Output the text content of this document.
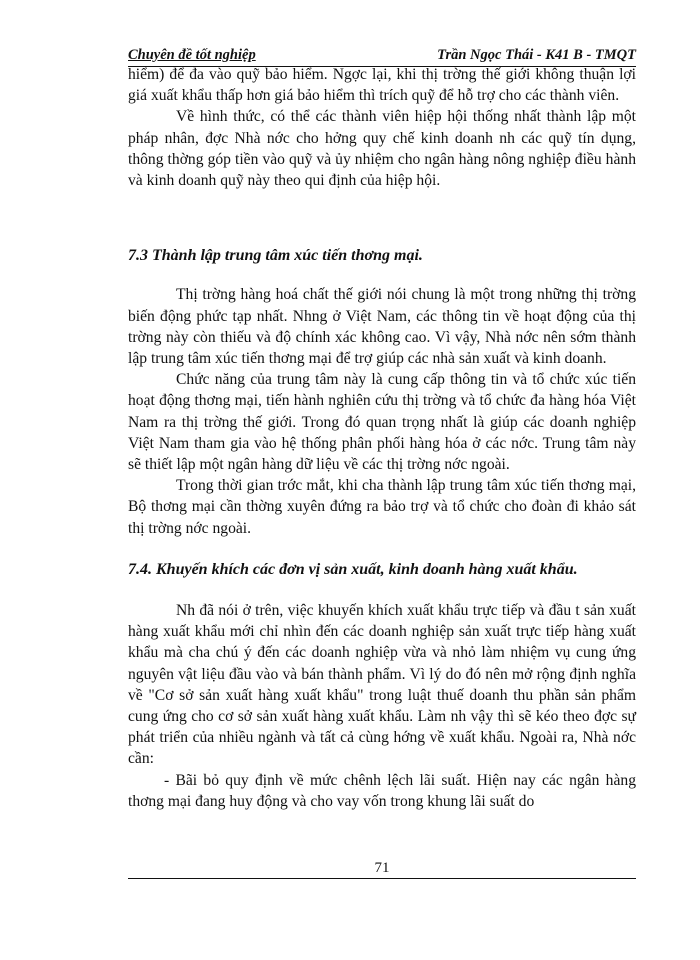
Chuyên đề tốt nghiệp	Trần Ngọc Thái - K41 B - TMQT

hiểm) để đa vào quỹ bảo hiểm. Ngợc lại, khi thị trờng thế giới không thuận lợi giá xuất khẩu thấp hơn giá bảo hiểm thì trích quỹ để hỗ trợ cho các thành viên.

Về hình thức, có thể các thành viên hiệp hội thống nhất thành lập một pháp nhân, đợc Nhà nớc cho hởng quy chế kinh doanh nh các quỹ tín dụng, thông thờng góp tiền vào quỹ và ủy nhiệm cho ngân hàng nông nghiệp điều hành và kinh doanh quỹ này theo qui định của hiệp hội.

7.3 Thành lập trung tâm xúc tiến thơng mại.

Thị trờng hàng hoá chất thế giới nói chung là một trong những thị trờng biến động phức tạp nhất. Nhng ở Việt Nam, các thông tin về hoạt động của thị trờng này còn thiếu và độ chính xác không cao. Vì vậy, Nhà nớc nên sớm thành lập trung tâm xúc tiến thơng mại để trợ giúp các nhà sản xuất và kinh doanh.

Chức năng của trung tâm này là cung cấp thông tin và tổ chức xúc tiến hoạt động thơng mại, tiến hành nghiên cứu thị trờng và tổ chức đa hàng hóa Việt Nam ra thị trờng thế giới. Trong đó quan trọng nhất là giúp các doanh nghiệp Việt Nam tham gia vào hệ thống phân phối hàng hóa ở các nớc. Trung tâm này sẽ thiết lập một ngân hàng dữ liệu về các thị trờng nớc ngoài.

Trong thời gian trớc mắt, khi cha thành lập trung tâm xúc tiến thơng mại, Bộ thơng mại cần thờng xuyên đứng ra bảo trợ và tổ chức cho đoàn đi khảo sát thị trờng nớc ngoài.

7.4. Khuyến khích các đơn vị sản xuất, kinh doanh hàng xuất khẩu.

Nh đã nói ở trên, việc khuyến khích xuất khẩu trực tiếp và đầu t sản xuất hàng xuất khẩu mới chỉ nhìn đến các doanh nghiệp sản xuất trực tiếp hàng xuất khẩu mà cha chú ý đến các doanh nghiệp vừa và nhỏ làm nhiệm vụ cung ứng nguyên vật liệu đầu vào và bán thành phẩm. Vì lý do đó nên mở rộng định nghĩa về "Cơ sở sản xuất hàng xuất khẩu" trong luật thuế doanh thu phần sản phẩm cung ứng cho cơ sở sản xuất hàng xuất khẩu. Làm nh vậy thì sẽ kéo theo đợc sự phát triển của nhiều ngành và tất cả cùng hớng về xuất khẩu. Ngoài ra, Nhà nớc cần:

- Bãi bỏ quy định về mức chênh lệch lãi suất. Hiện nay các ngân hàng thơng mại đang huy động và cho vay vốn trong khung lãi suất do

71
